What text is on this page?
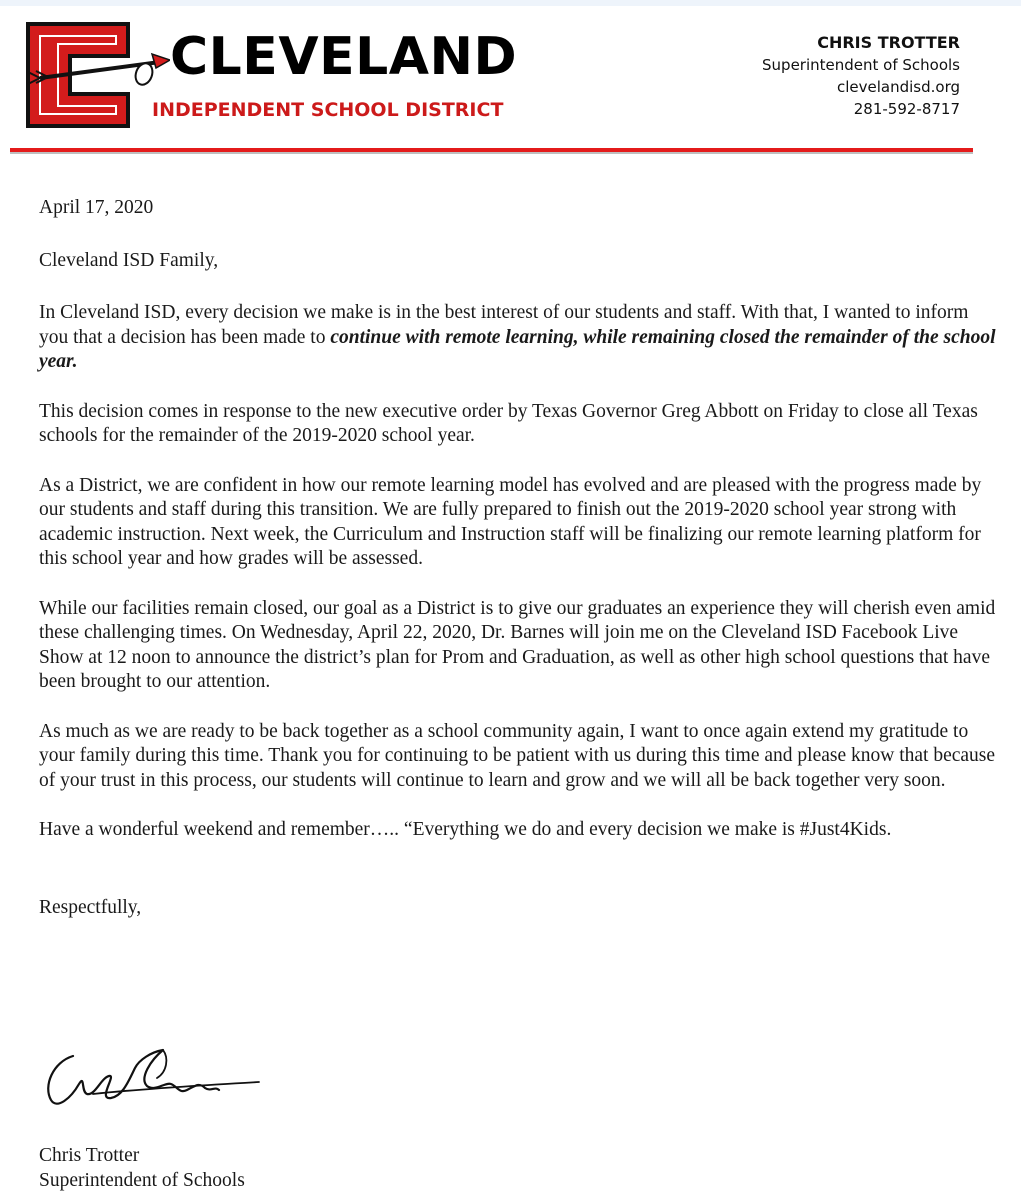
CLEVELAND
INDEPENDENT SCHOOL DISTRICT
CHRIS TROTTER
Superintendent of Schools
clevelandisd.org
281-592-8717

April 17, 2020

Cleveland ISD Family,

In Cleveland ISD, every decision we make is in the best interest of our students and staff. With that, I wanted to inform you that a decision has been made to continue with remote learning, while remaining closed the remainder of the school year.

This decision comes in response to the new executive order by Texas Governor Greg Abbott on Friday to close all Texas schools for the remainder of the 2019-2020 school year.

As a District, we are confident in how our remote learning model has evolved and are pleased with the progress made by our students and staff during this transition. We are fully prepared to finish out the 2019-2020 school year strong with academic instruction. Next week, the Curriculum and Instruction staff will be finalizing our remote learning platform for this school year and how grades will be assessed.

While our facilities remain closed, our goal as a District is to give our graduates an experience they will cherish even amid these challenging times. On Wednesday, April 22, 2020, Dr. Barnes will join me on the Cleveland ISD Facebook Live Show at 12 noon to announce the district’s plan for Prom and Graduation, as well as other high school questions that have been brought to our attention.

As much as we are ready to be back together as a school community again, I want to once again extend my gratitude to your family during this time. Thank you for continuing to be patient with us during this time and please know that because of your trust in this process, our students will continue to learn and grow and we will all be back together very soon.

Have a wonderful weekend and remember….. “Everything we do and every decision we make is #Just4Kids.

Respectfully,

Chris Trotter
Superintendent of Schools
